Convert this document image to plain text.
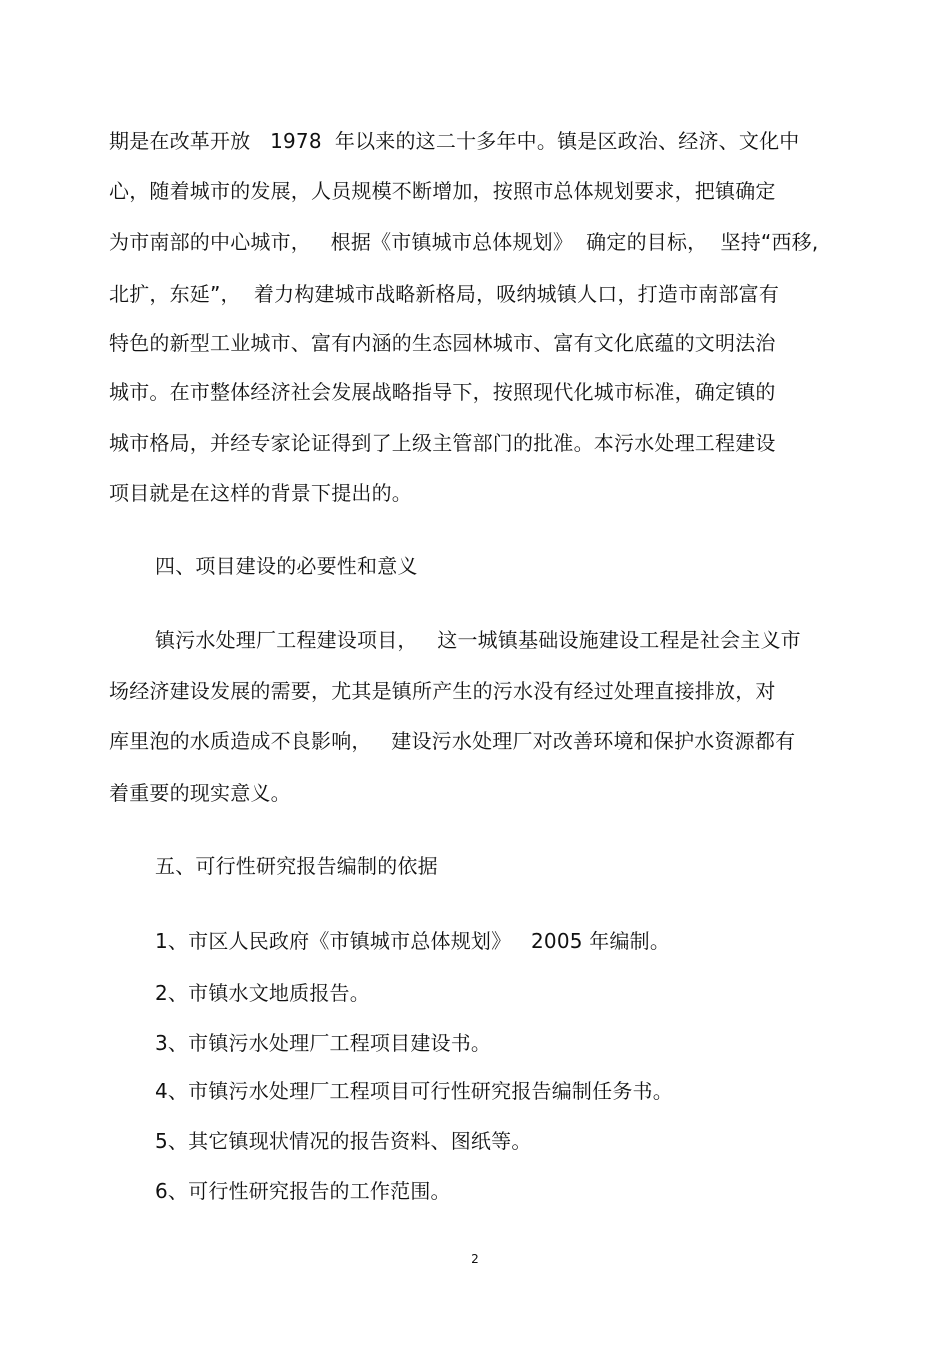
期是在改革开放   1978  年以来的这二十多年中。镇是区政治、经济、文化中
心，随着城市的发展，人员规模不断增加，按照市总体规划要求，把镇确定
为市南部的中心城市，   根据《市镇城市总体规划》  确定的目标，  坚持“西移,
北扩，东延”，  着力构建城市战略新格局，吸纳城镇人口，打造市南部富有
特色的新型工业城市、富有内涵的生态园林城市、富有文化底蕴的文明法治
城市。在市整体经济社会发展战略指导下，按照现代化城市标准，确定镇的
城市格局，并经专家论证得到了上级主管部门的批准。本污水处理工程建设
项目就是在这样的背景下提出的。
四、项目建设的必要性和意义
镇污水处理厂工程建设项目，   这一城镇基础设施建设工程是社会主义市
场经济建设发展的需要，尤其是镇所产生的污水没有经过处理直接排放，对
库里泡的水质造成不良影响，   建设污水处理厂对改善环境和保护水资源都有
着重要的现实意义。
五、可行性研究报告编制的依据
1、市区人民政府《市镇城市总体规划》   2005 年编制。
2、市镇水文地质报告。
3、市镇污水处理厂工程项目建设书。
4、市镇污水处理厂工程项目可行性研究报告编制任务书。
5、其它镇现状情况的报告资料、图纸等。
6、可行性研究报告的工作范围。
2
